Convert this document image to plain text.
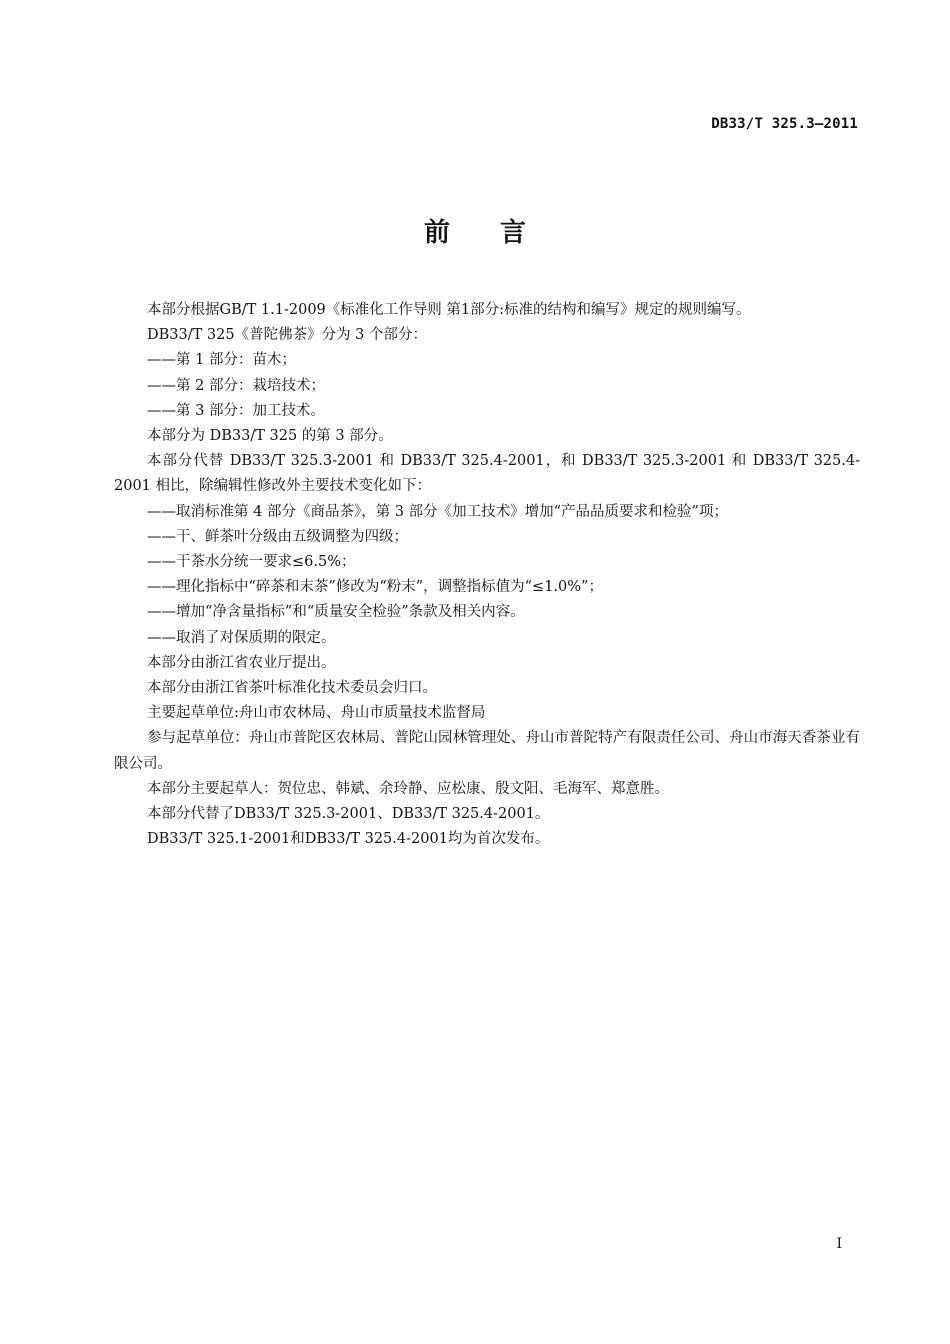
DB33/T 325.3—2011
前言

本部分根据GB/T 1.1-2009《标准化工作导则 第1部分:标准的结构和编写》规定的规则编写。

DB33/T 325《普陀佛茶》分为 3 个部分：

——第 1 部分：苗木；

——第 2 部分：栽培技术；

——第 3 部分：加工技术。

本部分为 DB33/T 325 的第 3 部分。

本部分代替 DB33/T 325.3-2001 和 DB33/T 325.4-2001，和 DB33/T 325.3-2001 和 DB33/T 325.4-2001 相比，除编辑性修改外主要技术变化如下：

——取消标准第 4 部分《商品茶》，第 3 部分《加工技术》增加“产品品质要求和检验”项；

——干、鲜茶叶分级由五级调整为四级；

——干茶水分统一要求≤6.5%；

——理化指标中“碎茶和末茶”修改为“粉末”，调整指标值为“≤1.0%”；

——增加“净含量指标”和“质量安全检验”条款及相关内容。

——取消了对保质期的限定。

本部分由浙江省农业厅提出。

本部分由浙江省茶叶标准化技术委员会归口。

主要起草单位:舟山市农林局、舟山市质量技术监督局

参与起草单位：舟山市普陀区农林局、普陀山园林管理处、舟山市普陀特产有限责任公司、舟山市海天香茶业有限公司。

本部分主要起草人：贺位忠、韩斌、余玲静、应松康、殷文阳、毛海军、郑意胜。

本部分代替了DB33/T 325.3-2001、DB33/T 325.4-2001。

DB33/T 325.1-2001和DB33/T 325.4-2001均为首次发布。

I
